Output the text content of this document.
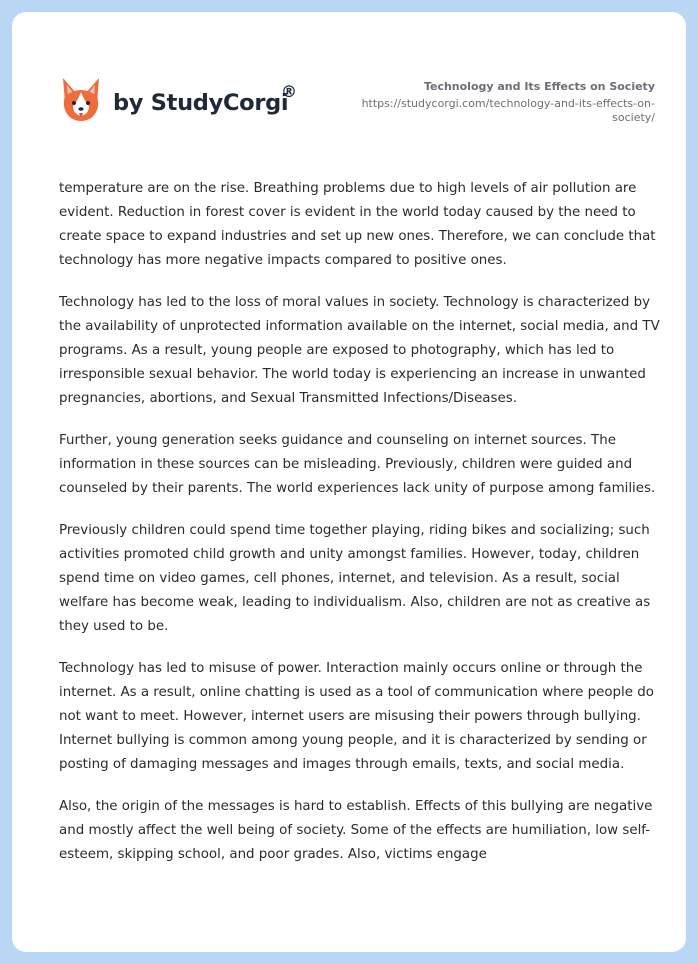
by StudyCorgi
®	Technology and Its Effects on Society
https://studycorgi.com/technology-and-its-effects-on-
society/

temperature are on the rise. Breathing problems due to high levels of air pollution are evident. Reduction in forest cover is evident in the world today caused by the need to create space to expand industries and set up new ones. Therefore, we can conclude that technology has more negative impacts compared to positive ones.

Technology has led to the loss of moral values in society. Technology is characterized by the availability of unprotected information available on the internet, social media, and TV programs. As a result, young people are exposed to photography, which has led to irresponsible sexual behavior. The world today is experiencing an increase in unwanted pregnancies, abortions, and Sexual Transmitted Infections/Diseases.

Further, young generation seeks guidance and counseling on internet sources. The information in these sources can be misleading. Previously, children were guided and counseled by their parents. The world experiences lack unity of purpose among families.

Previously children could spend time together playing, riding bikes and socializing; such activities promoted child growth and unity amongst families. However, today, children spend time on video games, cell phones, internet, and television. As a result, social welfare has become weak, leading to individualism. Also, children are not as creative as they used to be.

Technology has led to misuse of power. Interaction mainly occurs online or through the internet. As a result, online chatting is used as a tool of communication where people do not want to meet. However, internet users are misusing their powers through bullying. Internet bullying is common among young people, and it is characterized by sending or posting of damaging messages and images through emails, texts, and social media.

Also, the origin of the messages is hard to establish. Effects of this bullying are negative and mostly affect the well being of society. Some of the effects are humiliation, low self-esteem, skipping school, and poor grades. Also, victims engage
